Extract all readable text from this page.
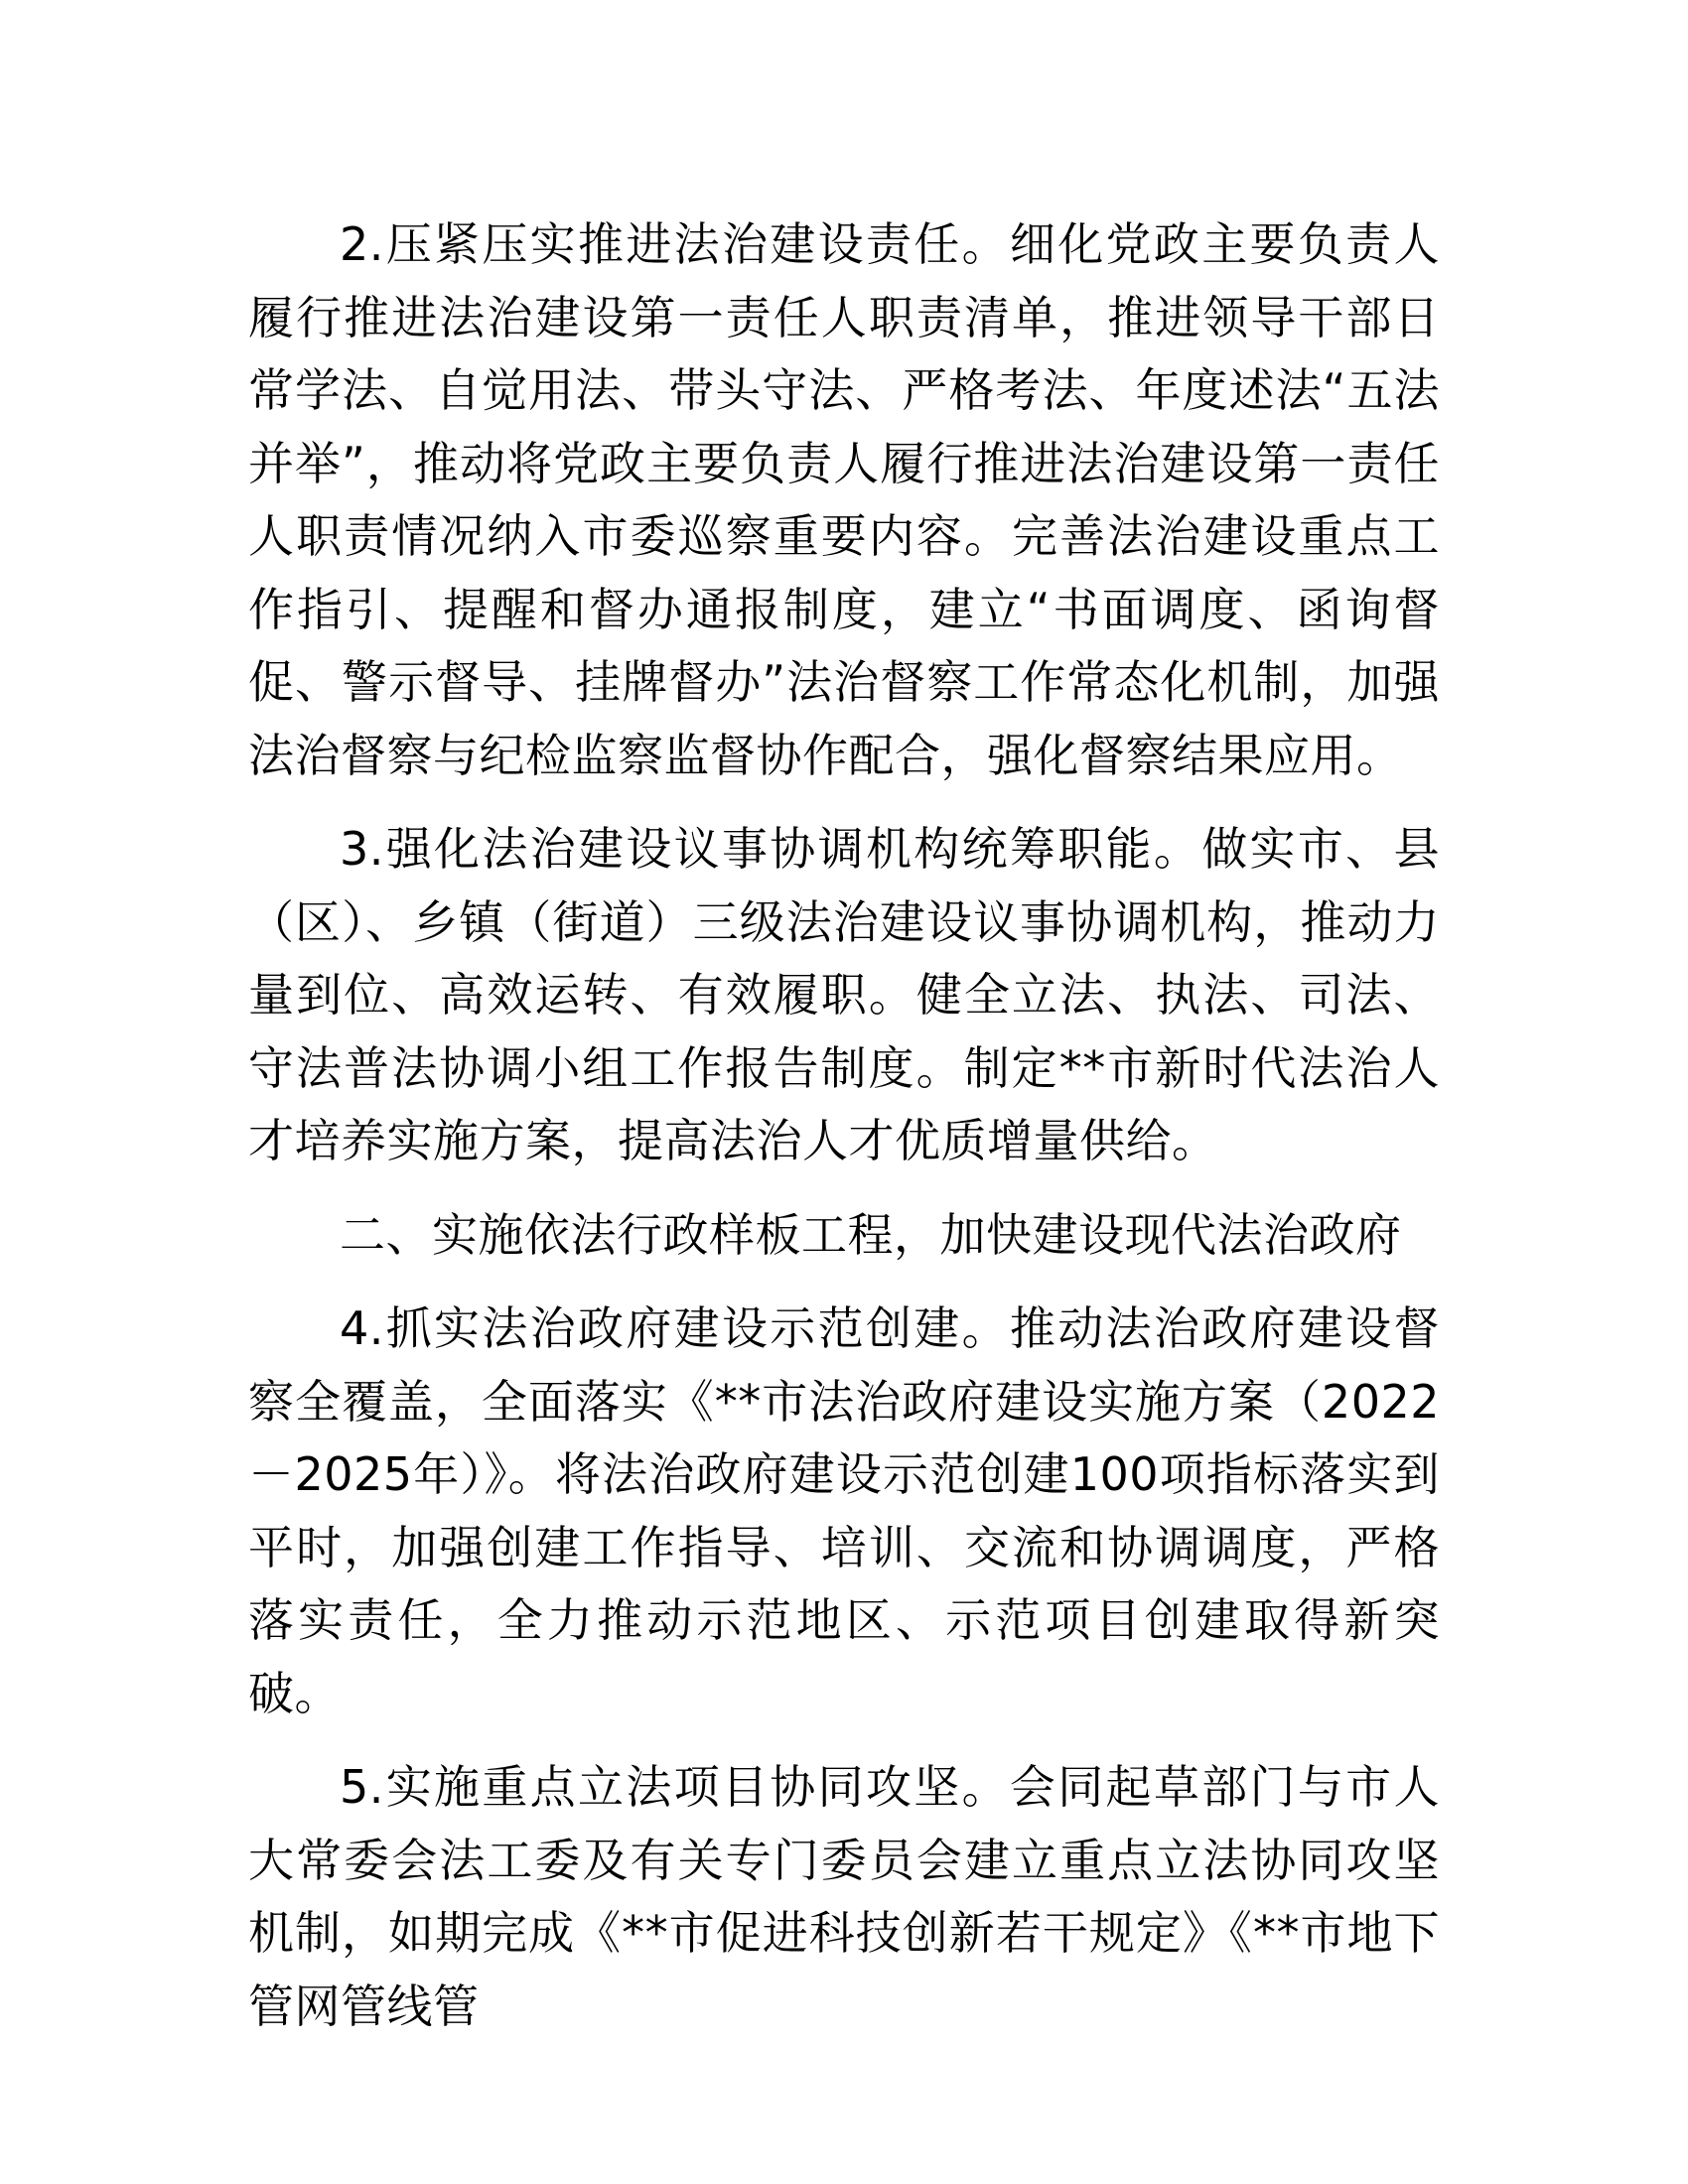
2.压紧压实推进法治建设责任。细化党政主要负责人履行推进法治建设第一责任人职责清单，推进领导干部日常学法、自觉用法、带头守法、严格考法、年度述法“五法并举”，推动将党政主要负责人履行推进法治建设第一责任人职责情况纳入市委巡察重要内容。完善法治建设重点工作指引、提醒和督办通报制度，建立“书面调度、函询督促、警示督导、挂牌督办”法治督察工作常态化机制，加强法治督察与纪检监察监督协作配合，强化督察结果应用。

3.强化法治建设议事协调机构统筹职能。做实市、县（区）、乡镇（街道）三级法治建设议事协调机构，推动力量到位、高效运转、有效履职。健全立法、执法、司法、守法普法协调小组工作报告制度。制定**市新时代法治人才培养实施方案，提高法治人才优质增量供给。

二、实施依法行政样板工程，加快建设现代法治政府

4.抓实法治政府建设示范创建。推动法治政府建设督察全覆盖，全面落实《**市法治政府建设实施方案（2022－2025年）》。将法治政府建设示范创建100项指标落实到平时，加强创建工作指导、培训、交流和协调调度，严格落实责任，全力推动示范地区、示范项目创建取得新突破。

5.实施重点立法项目协同攻坚。会同起草部门与市人大常委会法工委及有关专门委员会建立重点立法协同攻坚机制，如期完成《**市促进科技创新若干规定》《**市地下管网管线管
